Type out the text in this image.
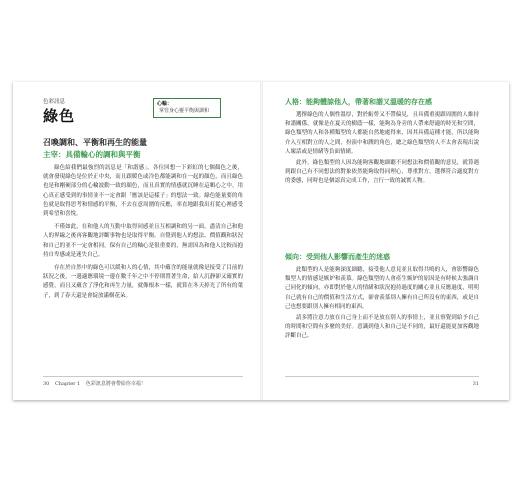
色彩訊息
綠色
心輪：
掌管身心靈平衡與調和
召喚調和、平衡和再生的能量
主宰：具備輪心的調和與平衡

綠色給我們最強烈的訊息是「和諧感」。各位回想一下彩虹的七個顏色之後，就會發現綠色是位於正中央，而且跟暖色或冷色都能調和在一起的顏色，而且綠色也是和剛硬部分的心輪波動一致的顏色，而且真實的情感就沉睡在這顆心之中。用心真正感受到的事情並不一定會跟「應該是這樣子」的想法一致。綠色能量要的角色就是取得思考和情感的平衡，不去在意周圍的反應，率直地跟我出打從心裡感受到希望和喜悅。

不僅如此，在和他人的互動中取得同感並且互相調和的另一面，盡清自己和他人的界線之後再客觀地評斷事物也是取得平衡。自覺到他人的想法、價值觀和狀況和自己的並不一定會相同，保有自己的軸心是很重要的，無需因為和他人比較而抱持自卑感或是迷失自己。

存在於自然中的綠色可以緩和人的心情，其中蘊含的能量就像是接受了目前的狀況之後，一邊適應環境一邊在數千年之中不停則置著生命，給人沉靜卻又確實的感覺，而且又蘊含了淨化和再生力量，就像根本一樣，就算在冬天掉光了所有的葉子，到了春天還是會綻放滿樹花朵。

30 Chapter 1 色彩訊息將會帶給你幸福！

人格：能夠體諒他人，帶著和諧又溫暖的存在感

選擇綠色的人個性溫厚，對於虧勞又不帶偏見，且具備重視跟周圍的人維持和諧關係，就像是在夏天的樹蔭一樣，能夠為身旁的人帶來舒適的時光和空間，綠色類型的人和各種類型的人都能自然地處得來，因其具備這種才能，所以能夠介入互相對立的人之間，扮演中和潤的角色，總之綠色類型的人不太會表現出說人壞話或是情緒等負面情緒。

此外，綠色類型的人因為能夠客觀地細聽不同想法和價值觀的意見，就算遇到跟自己有不同想法的對象依然能夠取得同理心，尊重對方，選擇符合適度對方的委態，同時也是個認真完成工作，言行一致的誠實人物。

傾向：受到他人影響而產生的迷惑

此類型的人是能夠深度細聽，接受他人意見並且取得共鳴的人，會影響綠色類型人的情感是嫉妒和羨慕。綠色類型的人會產生嫉妒的原因是有時候太強調自己同化的傾向，亦即對於他人的情緒和狀況抱持過度的關心並且反應過度，明明自己就有自己的價值和生活方式，卻會羨慕別人擁有自己所沒有的東西，或是自己也想要跟別人擁有相同的東西。

請多將注意力放在自己身上而不是放在別人的事情上，並且察覺到給予自己的時間和空間有多麼的美好。意識到他人和自己是不同的，最好還能更加客觀地評斷自己。

31
